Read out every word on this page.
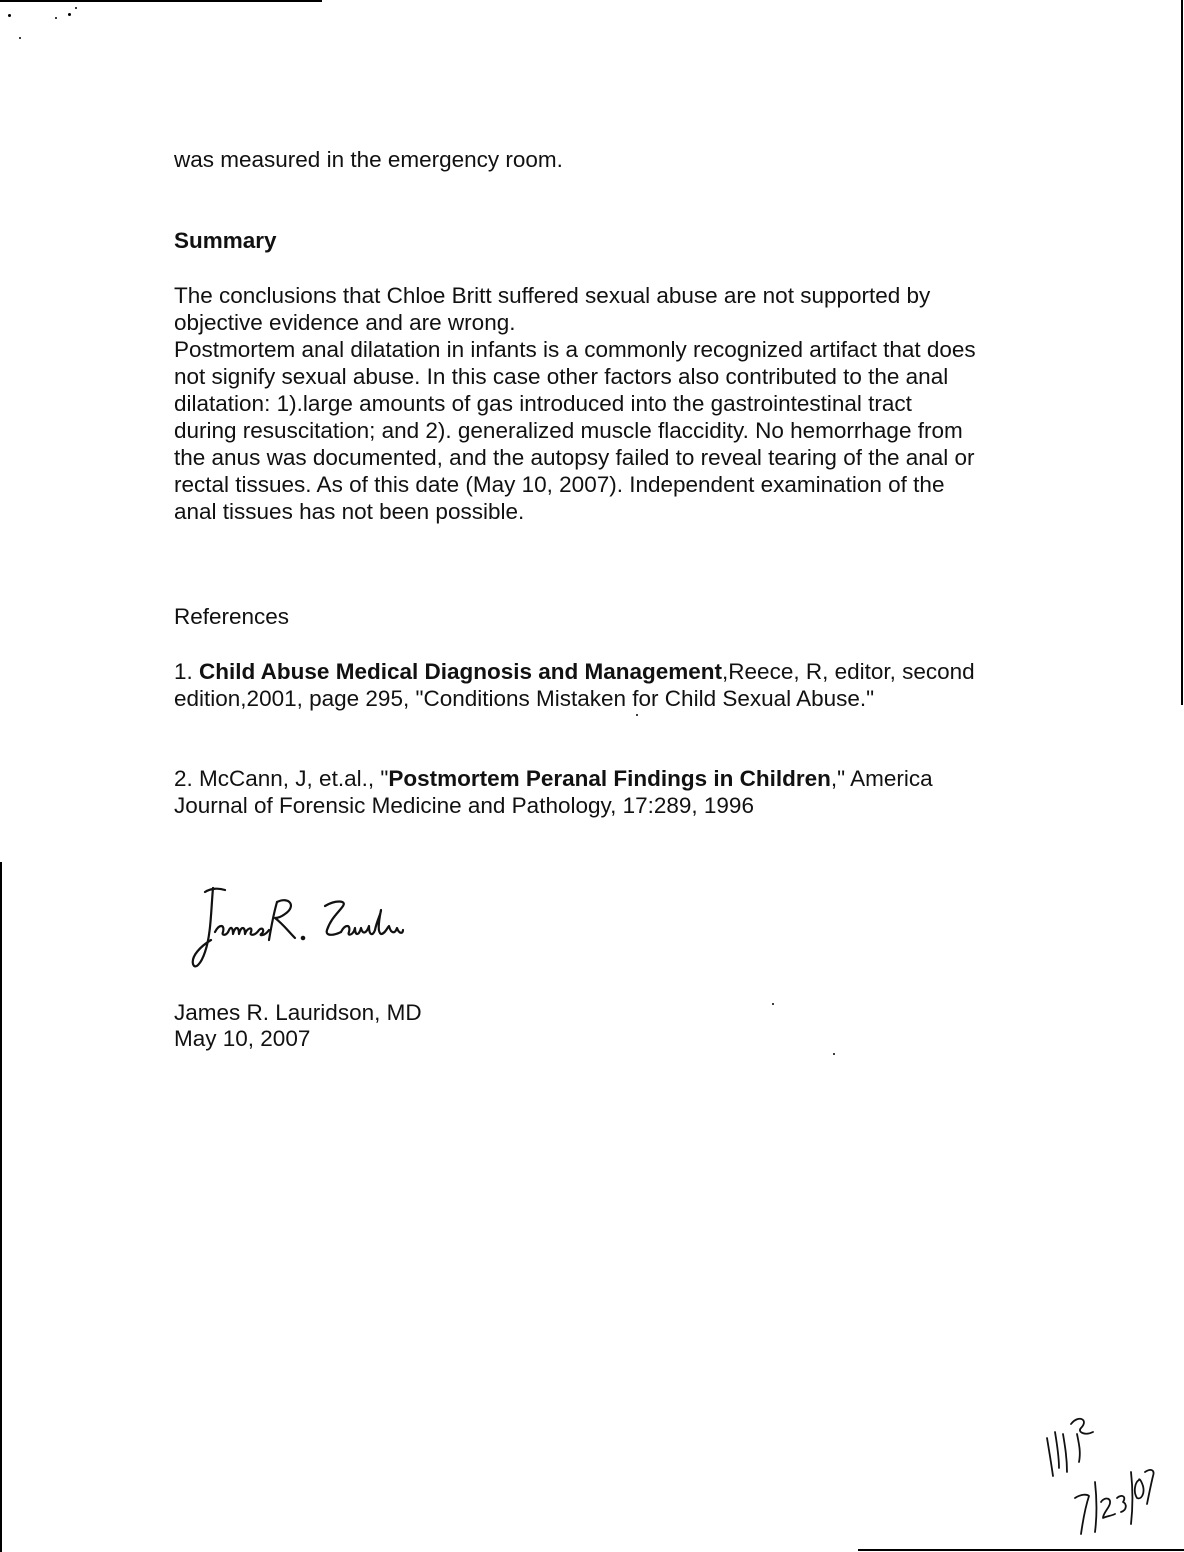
was measured in the emergency room.
Summary
The conclusions that Chloe Britt suffered sexual abuse are not supported by
objective evidence and are wrong.
Postmortem anal dilatation in infants is a commonly recognized artifact that does
not signify sexual abuse. In this case other factors also contributed to the anal
dilatation: 1).large amounts of gas introduced into the gastrointestinal tract
during resuscitation; and 2). generalized muscle flaccidity. No hemorrhage from
the anus was documented, and the autopsy failed to reveal tearing of the anal or
rectal tissues. As of this date (May 10, 2007). Independent examination of the
anal tissues has not been possible.
References
1. Child Abuse Medical Diagnosis and Management,Reece, R, editor, second
edition,2001, page 295, "Conditions Mistaken for Child Sexual Abuse."
2. McCann, J, et.al., "Postmortem Peranal Findings in Children," America
Journal of Forensic Medicine and Pathology, 17:289, 1996
James R. Lauridson, MD
May 10, 2007
